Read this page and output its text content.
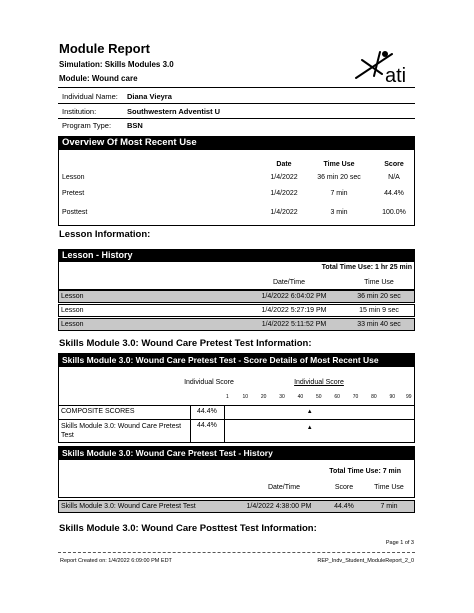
Module Report
Simulation: Skills Modules 3.0
Module: Wound care	ati
Individual Name: Diana Vieyra
Institution:	Southwestern Adventist U
Program Type: BSN
Overview Of Most Recent Use
Date	Time Use	Score
Lesson	1/4/2022	36 min 20 sec	N/A
Pretest	1/4/2022	7 min	44.4%
Posttest	1/4/2022	3 min	100.0%
Lesson Information:
Lesson - History
Total Time Use: 1 hr 25 min
Date/Time	Time Use
Lesson	1/4/2022 6:04:02 PM	36 min 20 sec
Lesson	1/4/2022 5:27:19 PM	15 min 9 sec
Lesson	1/4/2022 5:11:52 PM	33 min 40 sec
Skills Module 3.0: Wound Care Pretest Test Information:
Skills Module 3.0: Wound Care Pretest Test - Score Details of Most Recent Use
Individual Score	Individual Score
1	10	20	30	40	50	60	70	80	90 99
COMPOSITE SCORES	44.4%	▲
Skills Module 3.0: Wound Care Pretest Test
44.4%	▲
Skills Module 3.0: Wound Care Pretest Test - History
Total Time Use: 7 min
Date/Time	Score	Time Use
Skills Module 3.0: Wound Care Pretest Test	1/4/2022 4:38:00 PM	44.4%	7 min
Skills Module 3.0: Wound Care Posttest Test Information:
Page 1 of 3
Report Created on: 1/4/2022 6:09:00 PM EDT	REP_Indv_Student_ModuleReport_2_0
